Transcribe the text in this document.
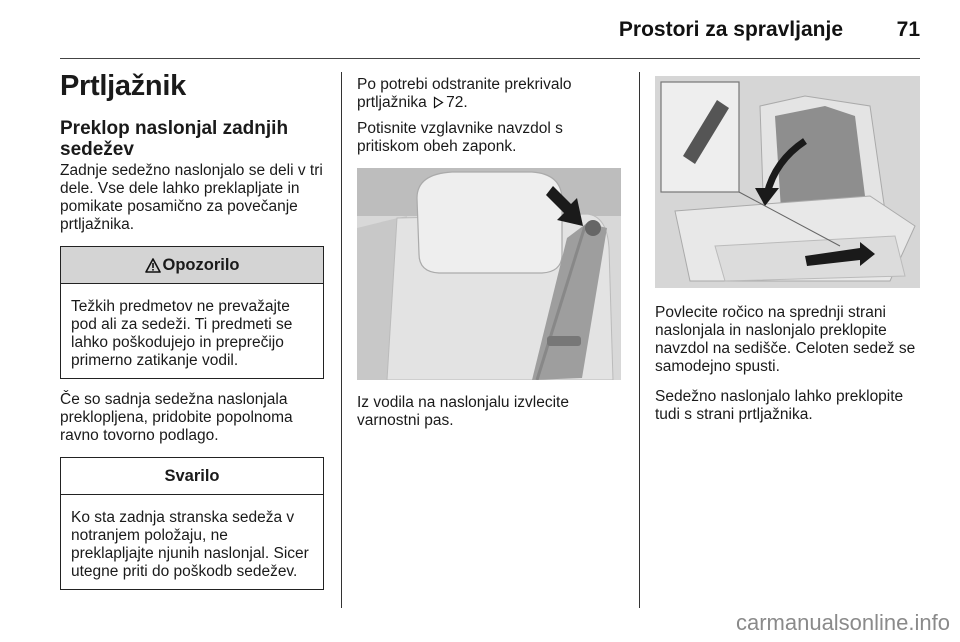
Prostori za spravljanje	71
Prtljažnik
Preklop naslonjal zadnjih sedežev

Zadnje sedežno naslonjalo se deli v tri dele. Vse dele lahko preklapljate in pomikate posamično za povečanje prtljažnika.

Opozorilo
Težkih predmetov ne prevažajte pod ali za sedeži. Ti predmeti se lahko poškodujejo in preprečijo primerno zatikanje vodil.

Če so sadnja sedežna naslonjala preklopljena, pridobite popolnoma ravno tovorno podlago.

Svarilo
Ko sta zadnja stranska sedeža v notranjem položaju, ne preklapljajte njunih naslonjal. Sicer utegne priti do poškodb sedežev.

Po potrebi odstranite prekrivalo prtljažnika 72.

Potisnite vzglavnike navzdol s pritiskom obeh zaponk.

Iz vodila na naslonjalu izvlecite varnostni pas.

Povlecite ročico na sprednji strani naslonjala in naslonjalo preklopite navzdol na sedišče. Celoten sedež se samodejno spusti.

Sedežno naslonjalo lahko preklopite tudi s strani prtljažnika.

carmanualsonline.info
